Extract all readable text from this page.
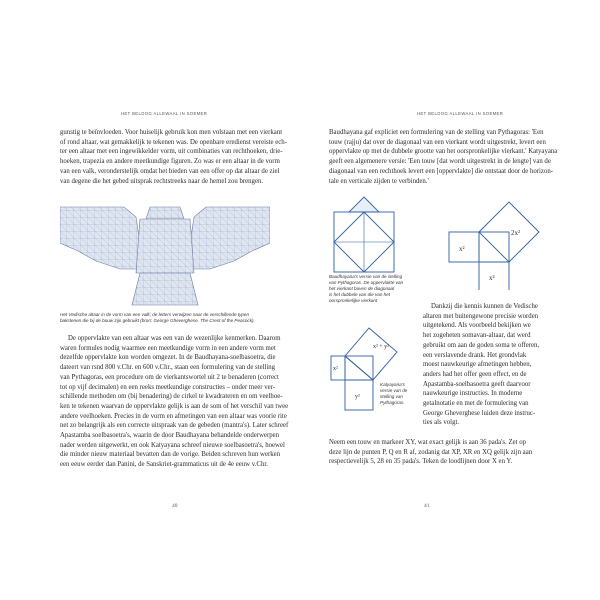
HET BELOOG ALLEWAAL IN SOEMER
gunstig te beïnvloeden. Voor huiselijk gebruik kon men volstaan met een vierkant
of rond altaar, wat gemakkelijk te tekenen was. De openbare eredienst vereiste ech-
ter een altaar met een ingewikkelder vorm, uit combinaties van rechthoeken, drie-
hoeken, trapezia en andere meetkundige figuren. Zo was er een altaar in de vorm
van een valk, veronderstelijk omdat het bieden van een offer op dat altaar de ziel
van degene die het gebed uitsprak rechtstreeks naar de hemel zou brengen.
Het Vedische altaar in de vorm van een valk; de letters verwijzen naar de verschillende typen
bakstenen die bij de bouw zijn gebruikt (bron: George Gheverghese, The Crest of the Peacock).
De oppervlakte van een altaar was een van de wezenlijke kenmerken. Daarom
waren formules nodig waarmee een meetkundige vorm in een andere vorm met
dezelfde oppervlakte kon worden omgezet. In de Baudhayana-soelbasoetra, die
dateert van rsnd 800 v.Chr. en 600 v.Chr., staan een formulering van de stelling
van Pythagoras, een procedure om de vierkantswortel uit 2 te benaderen (correct
tot op vijf decimalen) en een reeks meetkundige constructies – onder meer ver-
schillende methoden om (bij benadering) de cirkel te kwadrateren en om veelhoe-
ken te tekenen waarvan de oppervlakte gelijk is aan de som of het verschil van twee
andere veelhoeken. Precies in de vorm en afmetingen van een altaar was voorie rite
net zo belangrijk als een correcte uitspraak van de gebeden (mantra's). Later schreef
Apastamba soelbasoetra's, waarin de door Baudhayana behandelde onderwerpen
nader werden uitgewerkt, en ook Katyayana schreef nieuwe soelbasoetra's, hoewel
die minder nieuw materiaal bevatten dan de vorige. Beiden schreven hun werken
een eeuw eerder dan Panini, de Sanskriet-grammaticus uit de 4e eeuw v.Chr.
40
HET BELOOG ALLEWAAL IN SOEMER
Baudhayana gaf expliciet een formulering van de stelling van Pythagoras: 'Een
touw (rajju) dat over de diagonaal van een vierkant wordt uitgestrekt, levert een
oppervlakte op met de dubbele grootte van het oorspronkelijke vierkant.' Katyayana
geeft een algemenere versie: 'Een touw [dat wordt uitgestrekt in de lengte] van de
diagonaal van een rechthoek levert een [oppervlakte] die ontstaat door de horizon-
tale en verticale zijden te verbinden.'
2x²
x²
x²
Baudhayana's versie van de stelling
van Pythagoras. De oppervlakte van
het vierkant boven de diagonaal
is het dubbele van die van het
oorspronkelijke vierkant
Dankzij die kennis kunnen de Vedische
altaren met buitengewone precisie worden
uitgetekend. Als voorbeeld bekijken we
het zogeheten somavan-altaar, dat werd
gebruikt om aan de goden soma te offeren,
een verslavende drank. Het grondvlak
moest nauwkeurige afmetingen hebben,
anders had het offer geen effect, en de
Apastamba-soelbasoetra geeft daarvoor
nauwkeurige instructies. In moderne
getalnotatie en met de formulering van
George Gheverghese luiden deze instruc-
ties als volgt.
x² + y²
x²
y²
Katyayana's
versie van de
stelling van
Pythagoras.
Neem een touw en markeer XY, wat exact gelijk is aan 36 pada's. Zet op
deze lijn de punten P, Q en R af, zodanig dat XP, XR en XQ gelijk zijn aan
respectievelijk 5, 28 en 35 pada's. Teken de loodlijnen door X en Y.
41
